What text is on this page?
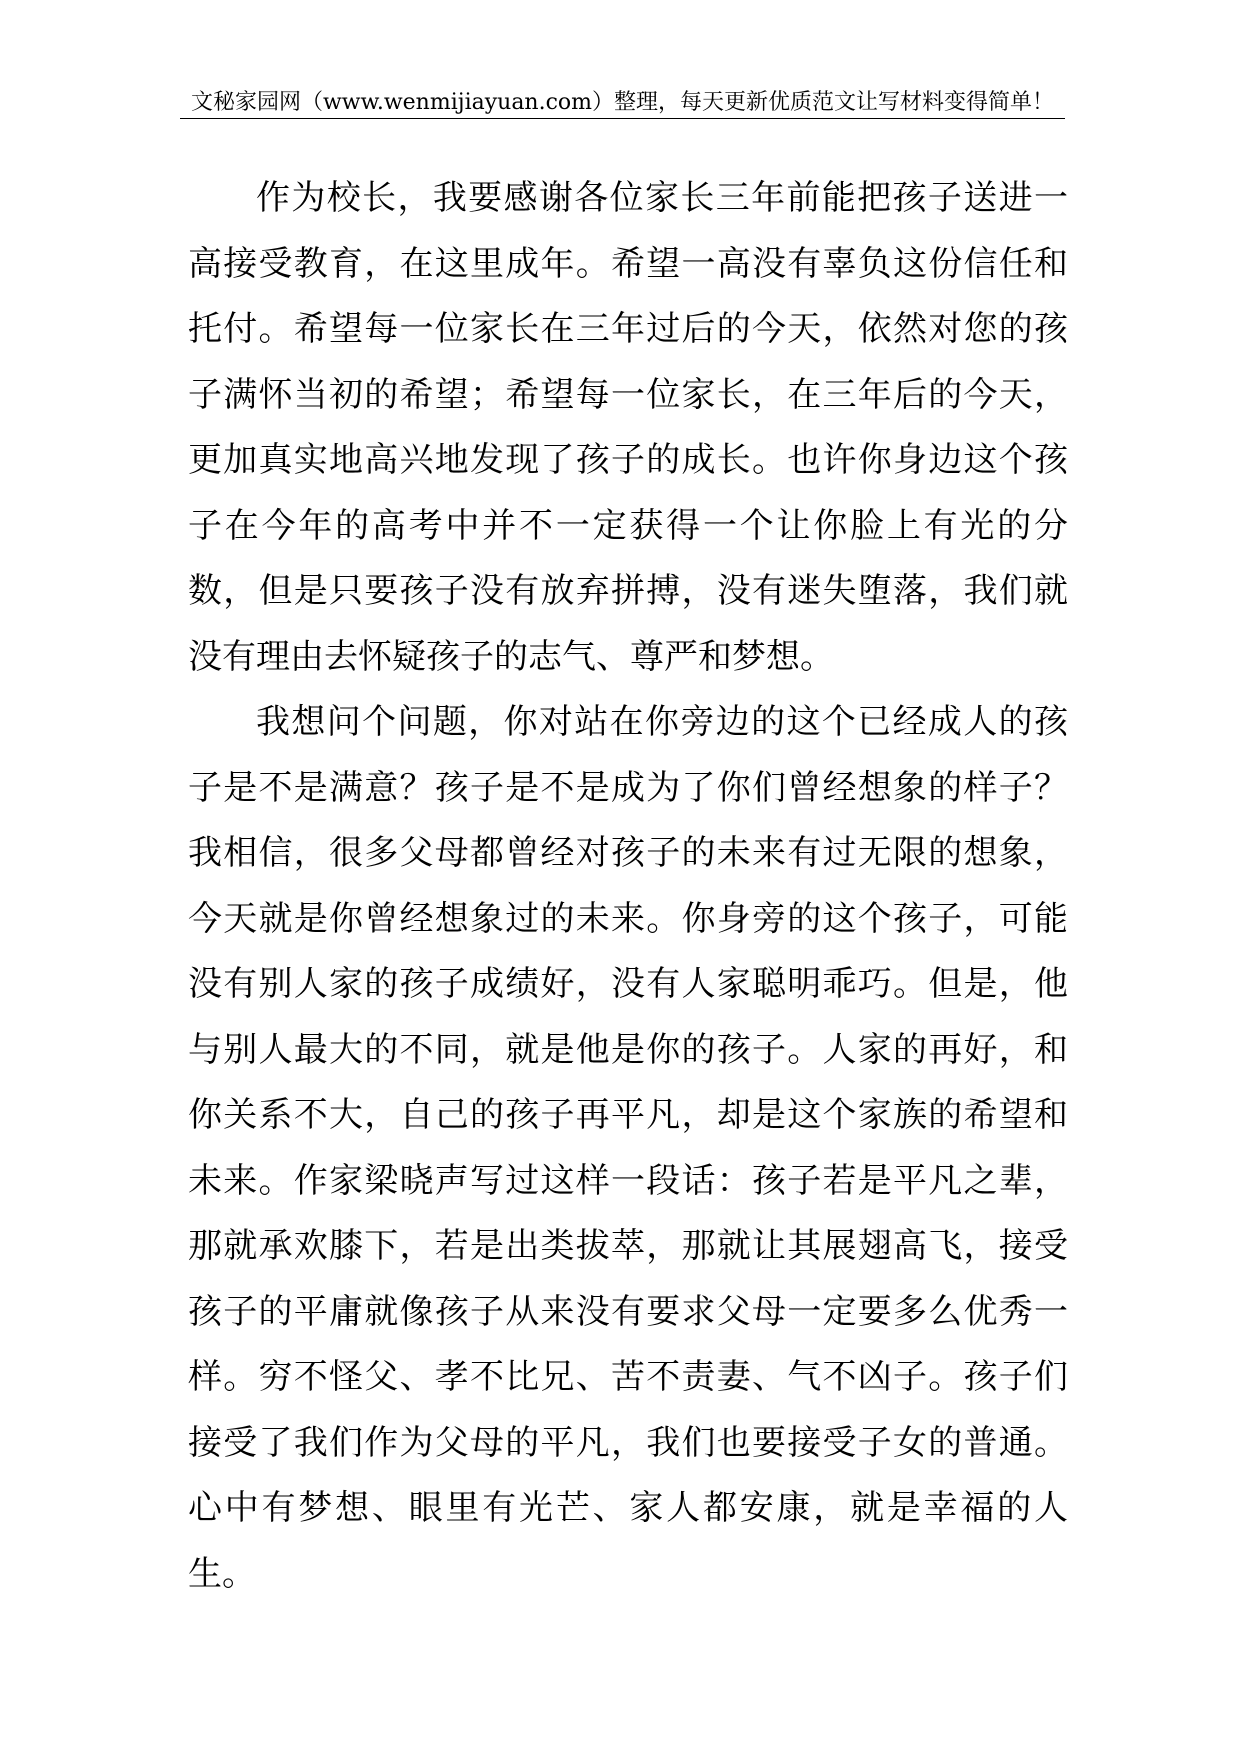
文秘家园网（www.wenmijiayuan.com）整理，每天更新优质范文让写材料变得简单！

作为校长，我要感谢各位家长三年前能把孩子送进一高接受教育，在这里成年。希望一高没有辜负这份信任和托付。希望每一位家长在三年过后的今天，依然对您的孩子满怀当初的希望；希望每一位家长，在三年后的今天，更加真实地高兴地发现了孩子的成长。也许你身边这个孩子在今年的高考中并不一定获得一个让你脸上有光的分数，但是只要孩子没有放弃拼搏，没有迷失堕落，我们就没有理由去怀疑孩子的志气、尊严和梦想。

我想问个问题，你对站在你旁边的这个已经成人的孩子是不是满意？孩子是不是成为了你们曾经想象的样子？我相信，很多父母都曾经对孩子的未来有过无限的想象，今天就是你曾经想象过的未来。你身旁的这个孩子，可能没有别人家的孩子成绩好，没有人家聪明乖巧。但是，他与别人最大的不同，就是他是你的孩子。人家的再好，和你关系不大，自己的孩子再平凡，却是这个家族的希望和未来。作家梁晓声写过这样一段话：孩子若是平凡之辈，那就承欢膝下，若是出类拔萃，那就让其展翅高飞，接受孩子的平庸就像孩子从来没有要求父母一定要多么优秀一样。穷不怪父、孝不比兄、苦不责妻、气不凶子。孩子们接受了我们作为父母的平凡，我们也要接受子女的普通。心中有梦想、眼里有光芒、家人都安康，就是幸福的人生。
